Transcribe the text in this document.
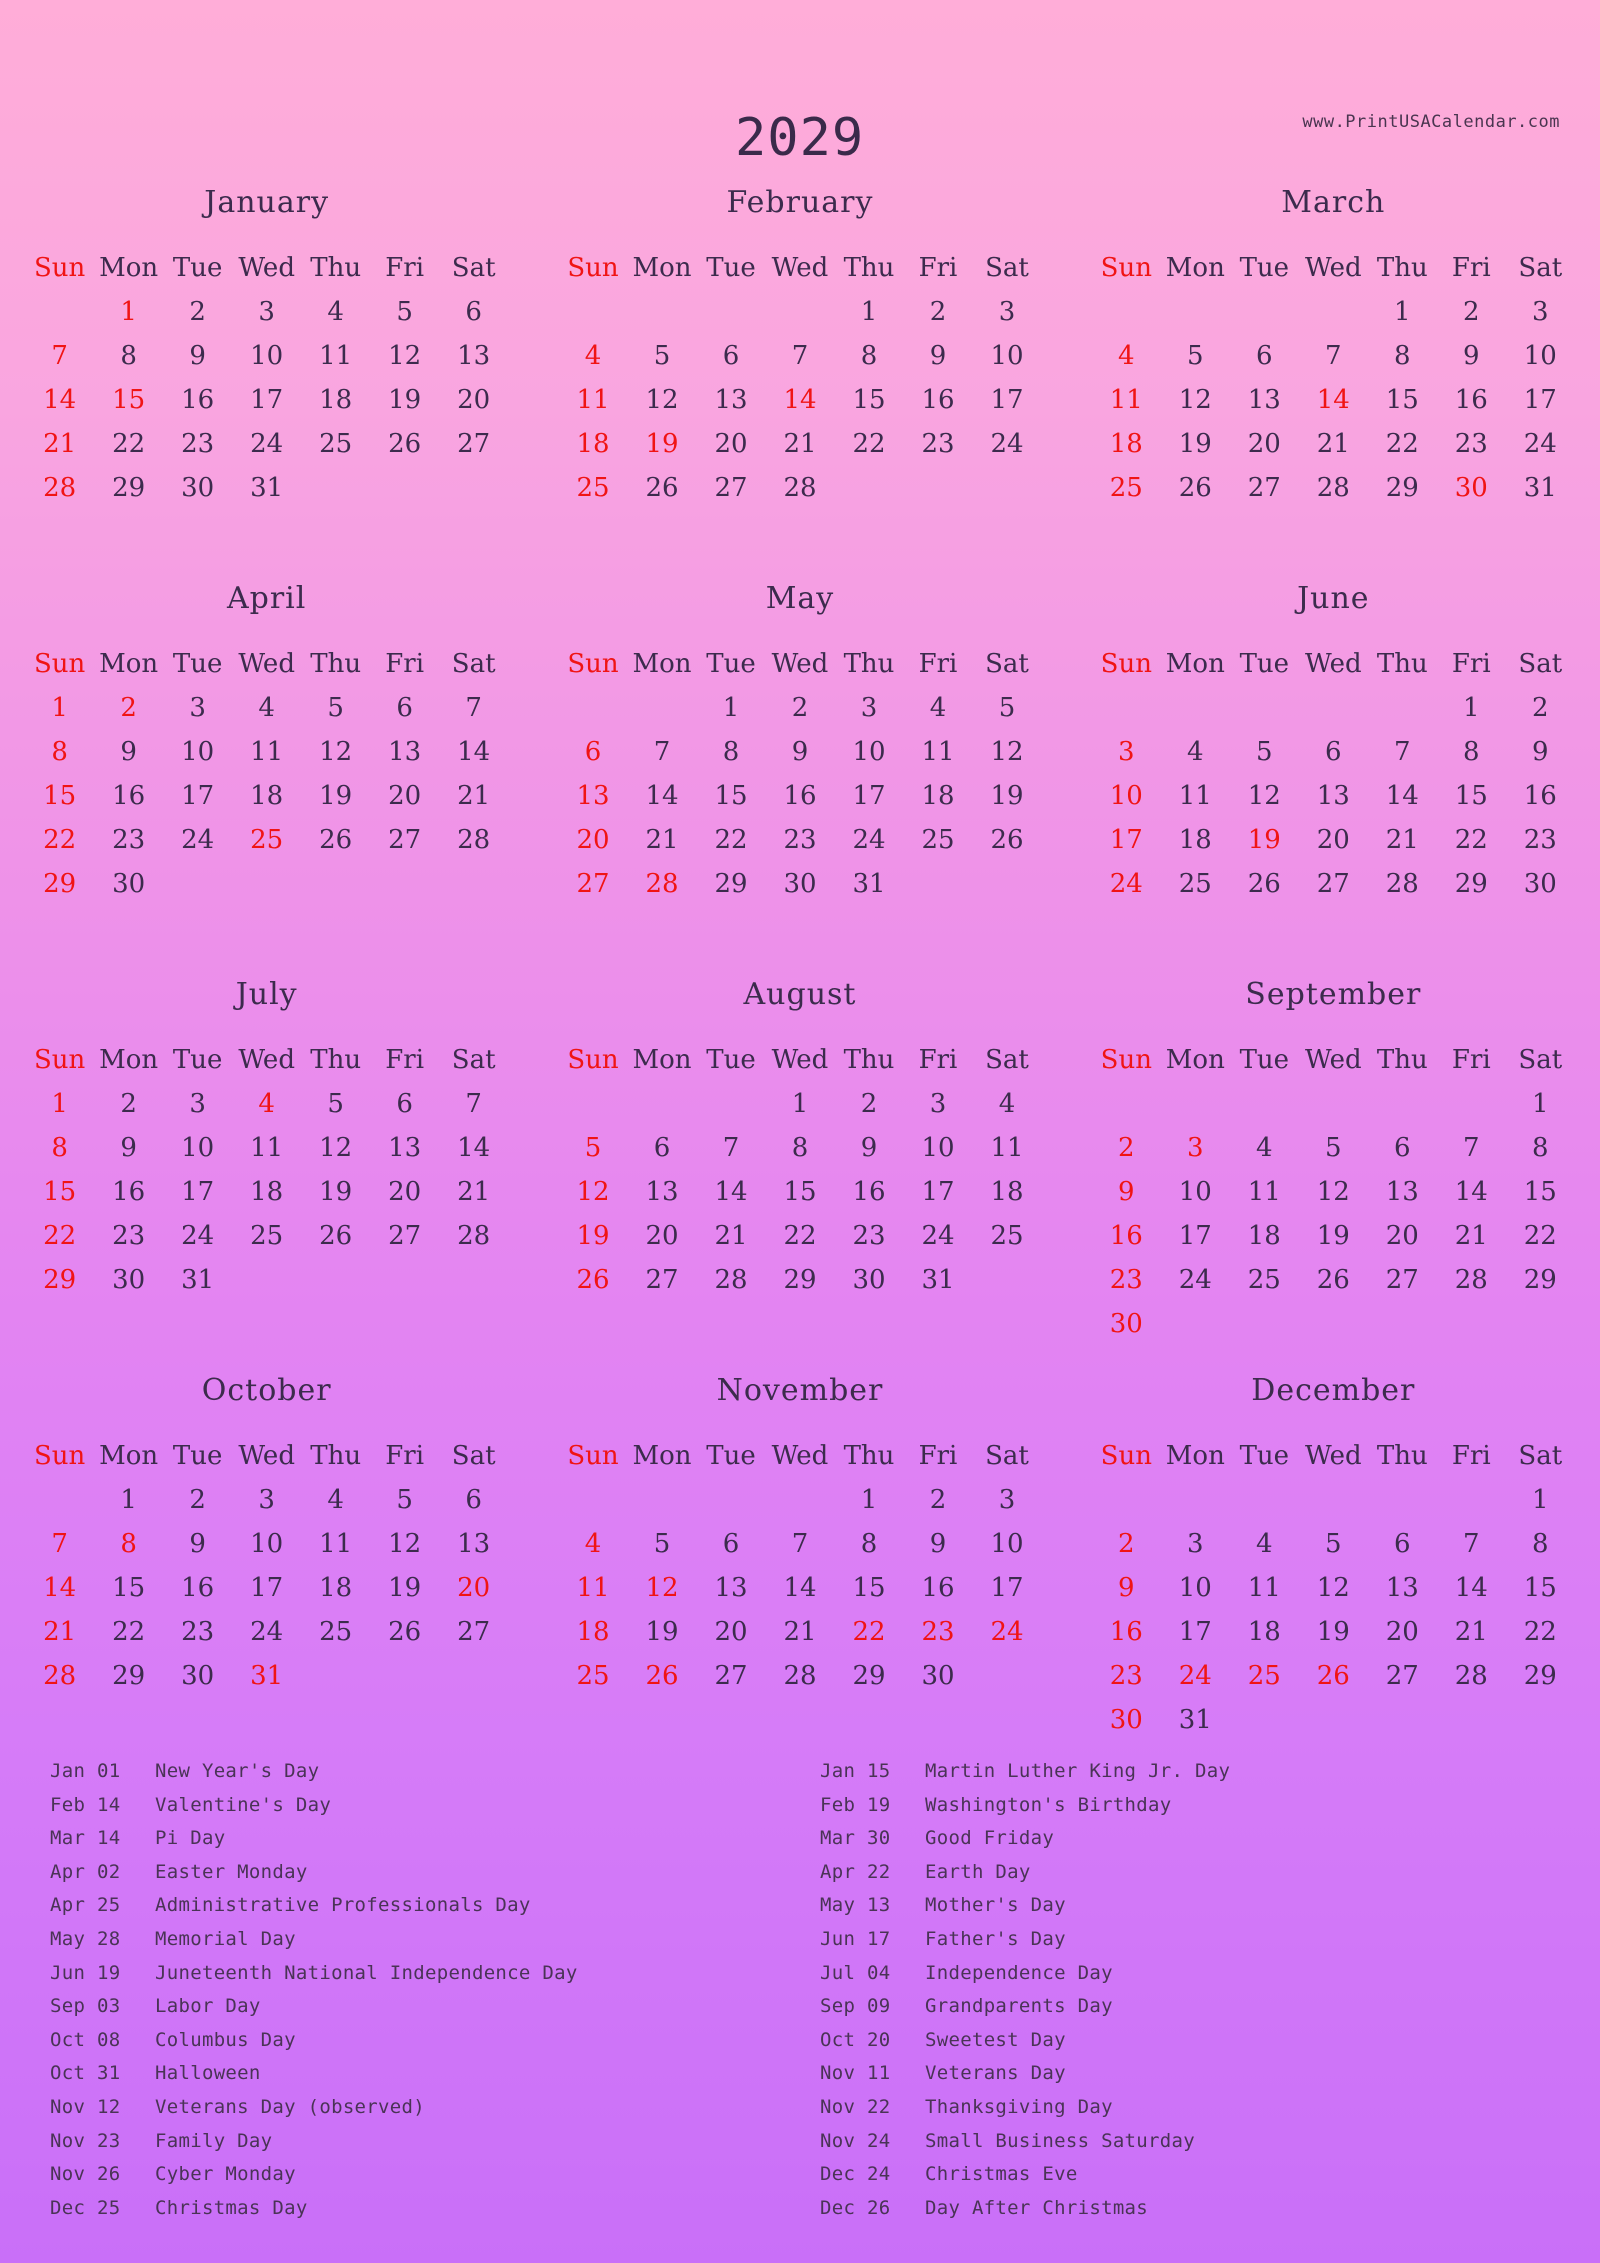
2029	www.PrintUSACalendar.com
January
Sun	Mon	Tue	Wed	Thu	Fri	Sat
	1	2	3	4	5	6
7	8	9	10	11	12	13
14	15	16	17	18	19	20
21	22	23	24	25	26	27
28	29	30	31			
February
Sun	Mon	Tue	Wed	Thu	Fri	Sat
				1	2	3
4	5	6	7	8	9	10
11	12	13	14	15	16	17
18	19	20	21	22	23	24
25	26	27	28			
March
Sun	Mon	Tue	Wed	Thu	Fri	Sat
				1	2	3
4	5	6	7	8	9	10
11	12	13	14	15	16	17
18	19	20	21	22	23	24
25	26	27	28	29	30	31
April
Sun	Mon	Tue	Wed	Thu	Fri	Sat
1	2	3	4	5	6	7
8	9	10	11	12	13	14
15	16	17	18	19	20	21
22	23	24	25	26	27	28
29	30					
May
Sun	Mon	Tue	Wed	Thu	Fri	Sat
		1	2	3	4	5
6	7	8	9	10	11	12
13	14	15	16	17	18	19
20	21	22	23	24	25	26
27	28	29	30	31		
June
Sun	Mon	Tue	Wed	Thu	Fri	Sat
					1	2
3	4	5	6	7	8	9
10	11	12	13	14	15	16
17	18	19	20	21	22	23
24	25	26	27	28	29	30
July
Sun	Mon	Tue	Wed	Thu	Fri	Sat
1	2	3	4	5	6	7
8	9	10	11	12	13	14
15	16	17	18	19	20	21
22	23	24	25	26	27	28
29	30	31				
August
Sun	Mon	Tue	Wed	Thu	Fri	Sat
			1	2	3	4
5	6	7	8	9	10	11
12	13	14	15	16	17	18
19	20	21	22	23	24	25
26	27	28	29	30	31	
September
Sun	Mon	Tue	Wed	Thu	Fri	Sat
						1
2	3	4	5	6	7	8
9	10	11	12	13	14	15
16	17	18	19	20	21	22
23	24	25	26	27	28	29
30						
October
Sun	Mon	Tue	Wed	Thu	Fri	Sat
	1	2	3	4	5	6
7	8	9	10	11	12	13
14	15	16	17	18	19	20
21	22	23	24	25	26	27
28	29	30	31			
November
Sun	Mon	Tue	Wed	Thu	Fri	Sat
				1	2	3
4	5	6	7	8	9	10
11	12	13	14	15	16	17
18	19	20	21	22	23	24
25	26	27	28	29	30	
December
Sun	Mon	Tue	Wed	Thu	Fri	Sat
						1
2	3	4	5	6	7	8
9	10	11	12	13	14	15
16	17	18	19	20	21	22
23	24	25	26	27	28	29
30	31					
Jan 01	New Year's Day
Feb 14	Valentine's Day
Mar 14	Pi Day
Apr 02	Easter Monday
Apr 25	Administrative Professionals Day
May 28	Memorial Day
Jun 19	Juneteenth National Independence Day
Sep 03	Labor Day
Oct 08	Columbus Day
Oct 31	Halloween
Nov 12	Veterans Day (observed)
Nov 23	Family Day
Nov 26	Cyber Monday
Dec 25	Christmas Day
Jan 15	Martin Luther King Jr. Day
Feb 19	Washington's Birthday
Mar 30	Good Friday
Apr 22	Earth Day
May 13	Mother's Day
Jun 17	Father's Day
Jul 04	Independence Day
Sep 09	Grandparents Day
Oct 20	Sweetest Day
Nov 11	Veterans Day
Nov 22	Thanksgiving Day
Nov 24	Small Business Saturday
Dec 24	Christmas Eve
Dec 26	Day After Christmas
